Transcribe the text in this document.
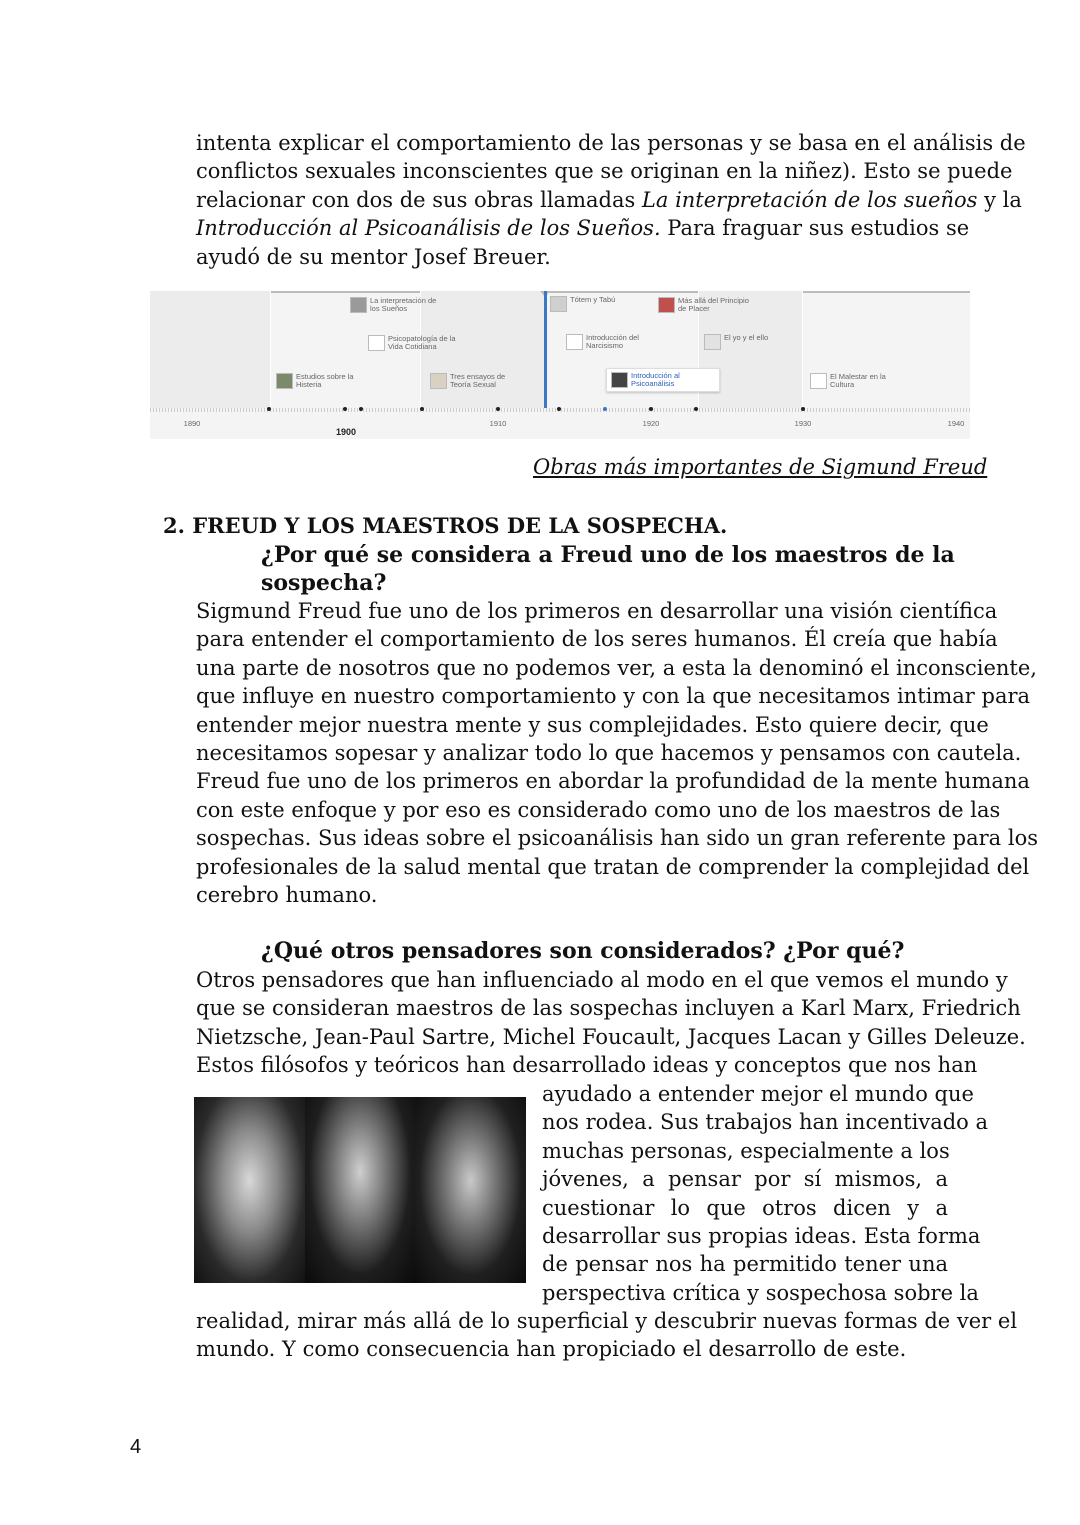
intenta explicar el comportamiento de las personas y se basa en el análisis de
conflictos sexuales inconscientes que se originan en la niñez). Esto se puede
relacionar con dos de sus obras llamadas La interpretación de los sueños y la
Introducción al Psicoanálisis de los Sueños. Para fraguar sus estudios se
ayudó de su mentor Josef Breuer.
La interpretación de
los Sueños
Psicopatología de la
Vida Cotidiana
Estudios sobre la
Histeria
Tres ensayos de
Teoría Sexual
Tótem y Tabú
Introducción del
Narcisismo
Más allá del Principio
de Placer
El yo y el ello
Introducción al
Psicoanálisis
El Malestar en la
Cultura
1890
1900
1910	1920	1930	1940
Obras más importantes de Sigmund Freud
2. FREUD Y LOS MAESTROS DE LA SOSPECHA.
¿Por qué se considera a Freud uno de los maestros de la
sospecha?
Sigmund Freud fue uno de los primeros en desarrollar una visión científica
para entender el comportamiento de los seres humanos. Él creía que había
una parte de nosotros que no podemos ver, a esta la denominó el inconsciente,
que influye en nuestro comportamiento y con la que necesitamos intimar para
entender mejor nuestra mente y sus complejidades. Esto quiere decir, que
necesitamos sopesar y analizar todo lo que hacemos y pensamos con cautela.
Freud fue uno de los primeros en abordar la profundidad de la mente humana
con este enfoque y por eso es considerado como uno de los maestros de las
sospechas. Sus ideas sobre el psicoanálisis han sido un gran referente para los
profesionales de la salud mental que tratan de comprender la complejidad del
cerebro humano.
¿Qué otros pensadores son considerados? ¿Por qué?
Otros pensadores que han influenciado al modo en el que vemos el mundo y
que se consideran maestros de las sospechas incluyen a Karl Marx, Friedrich
Nietzsche, Jean-Paul Sartre, Michel Foucault, Jacques Lacan y Gilles Deleuze.
Estos filósofos y teóricos han desarrollado ideas y conceptos que nos han
ayudado a entender mejor el mundo que
nos rodea. Sus trabajos han incentivado a
muchas personas, especialmente a los
jóvenes, a pensar por sí mismos, a
cuestionar lo que otros dicen y a
desarrollar sus propias ideas. Esta forma
de pensar nos ha permitido tener una
perspectiva crítica y sospechosa sobre la
realidad, mirar más allá de lo superficial y descubrir nuevas formas de ver el
mundo. Y como consecuencia han propiciado el desarrollo de este.
4
